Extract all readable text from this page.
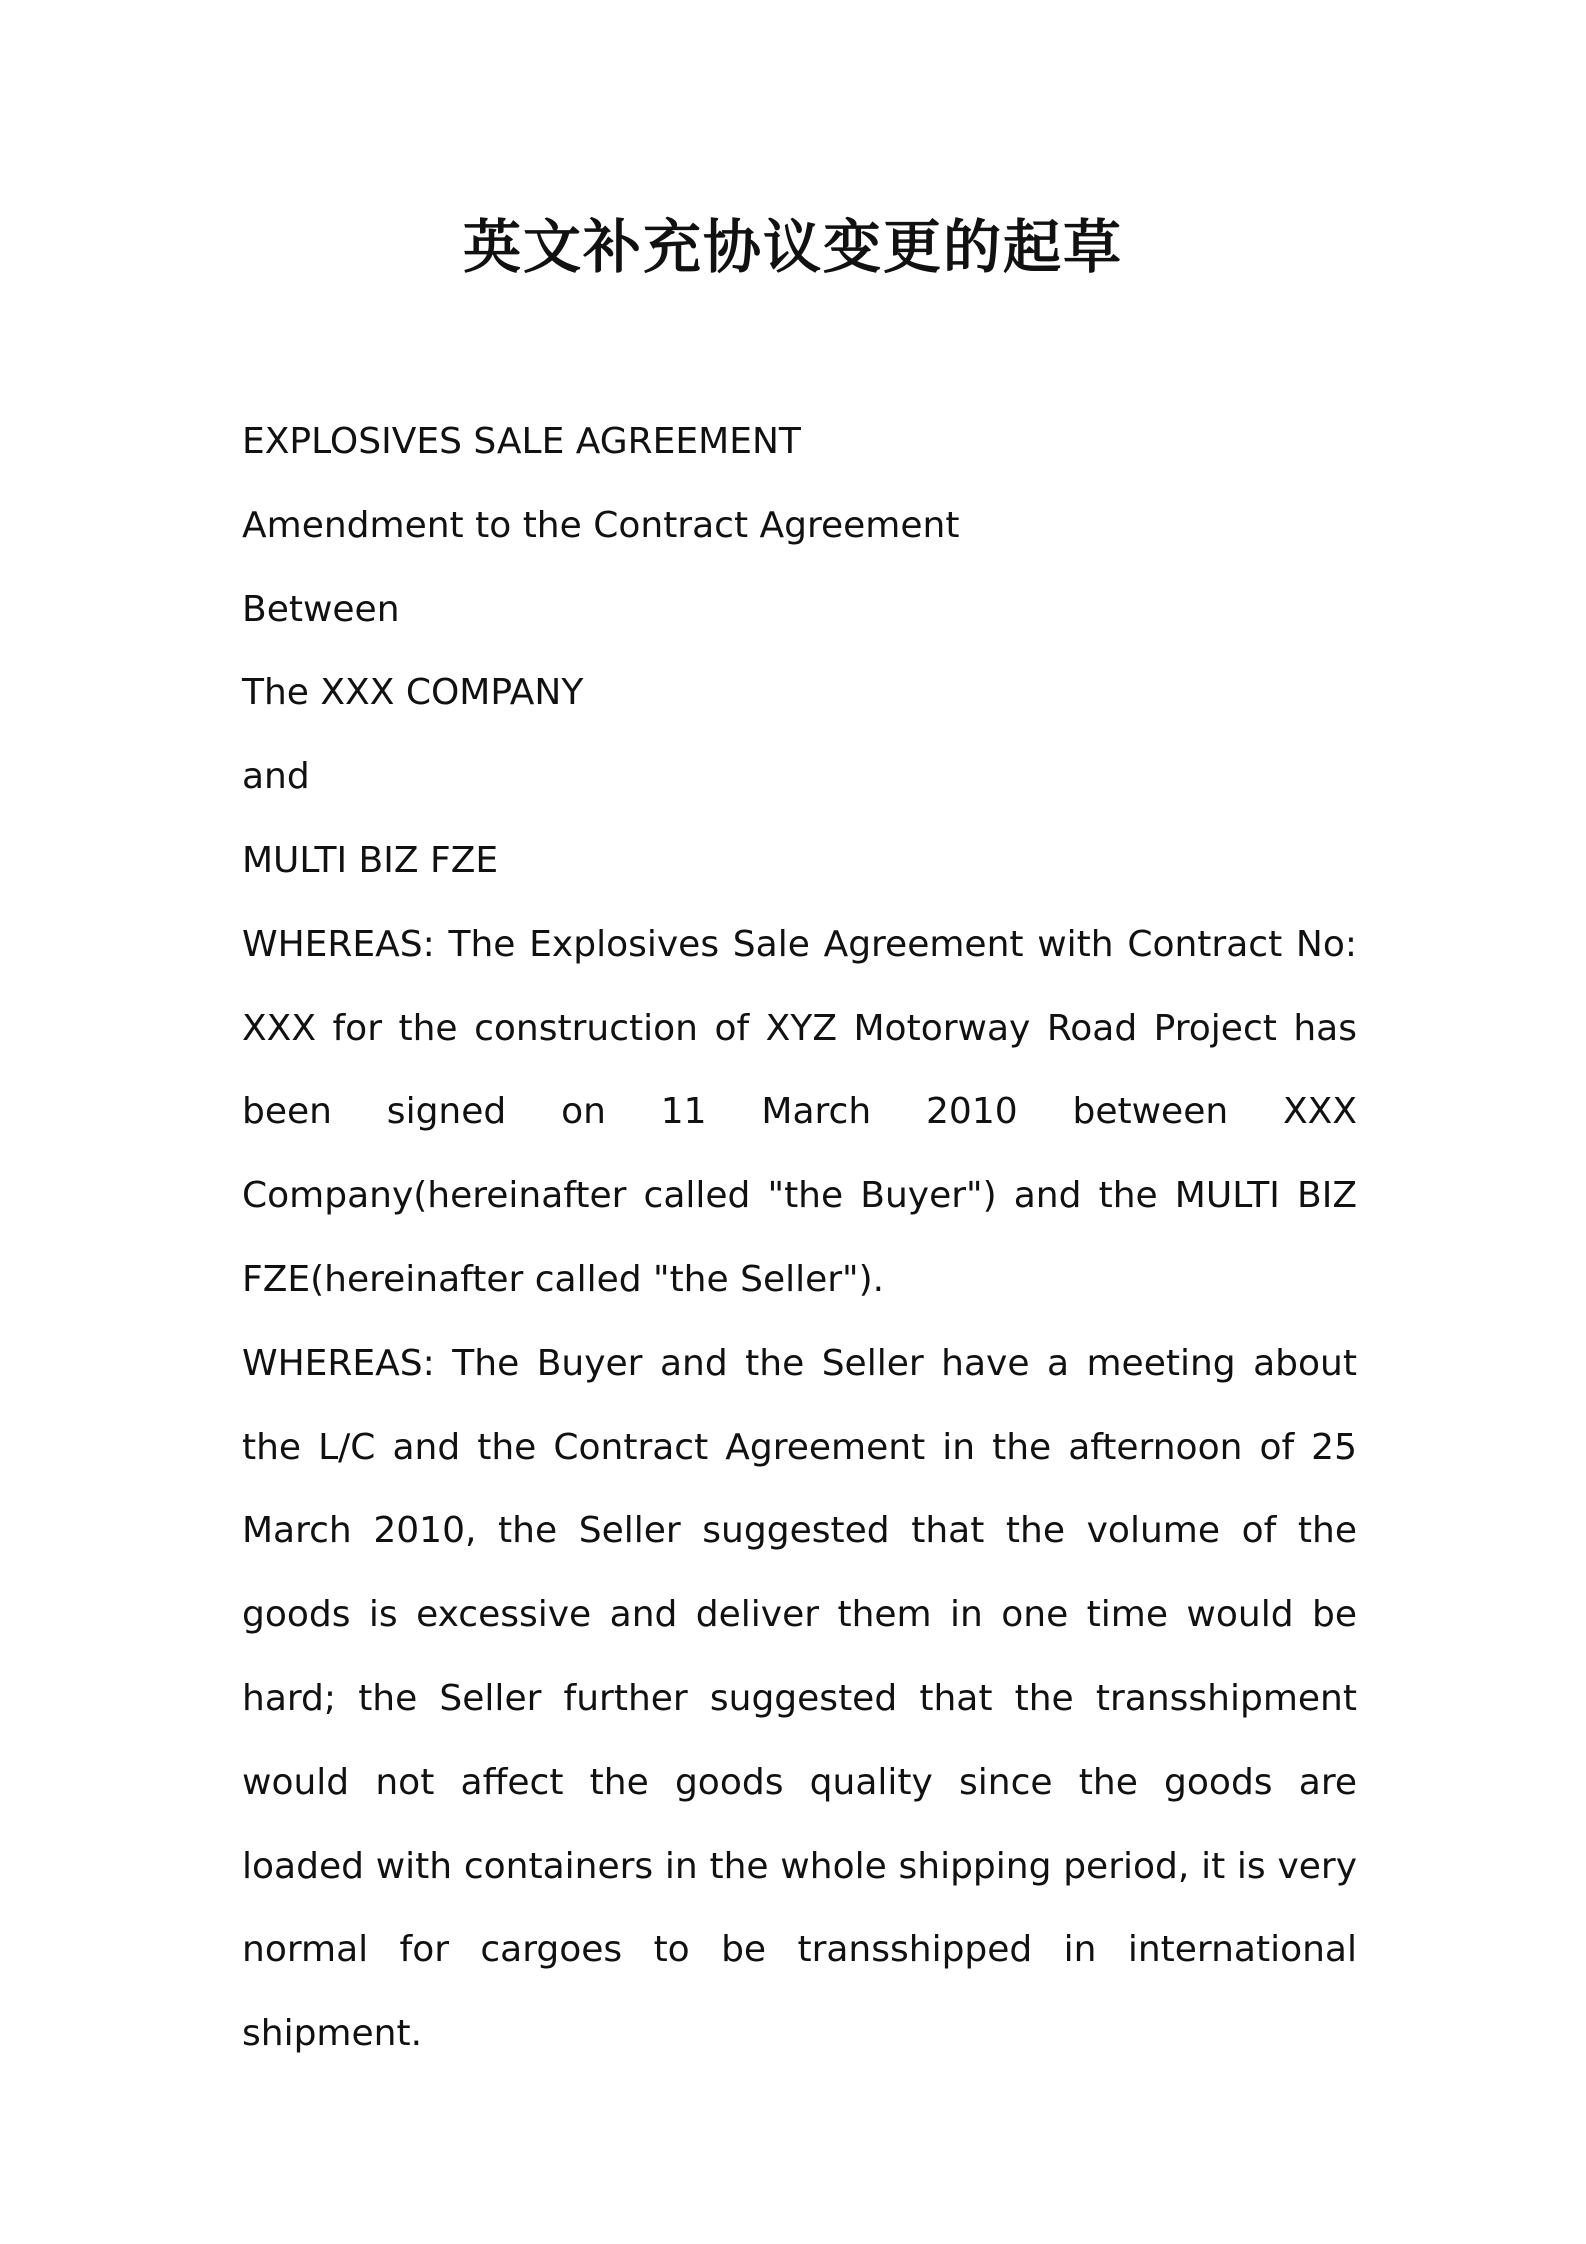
英文补充协议变更的起草

EXPLOSIVES SALE AGREEMENT

Amendment to the Contract Agreement

Between

The XXX COMPANY

and

MULTI BIZ FZE

WHEREAS: The Explosives Sale Agreement with Contract No: XXX for the construction of XYZ Motorway Road Project has been signed on 11 March 2010 between XXX Company(hereinafter called "the Buyer") and the MULTI BIZ FZE(hereinafter called "the Seller").

WHEREAS: The Buyer and the Seller have a meeting about the L/C and the Contract Agreement in the afternoon of 25 March 2010, the Seller suggested that the volume of the goods is excessive and deliver them in one time would be hard; the Seller further suggested that the transshipment would not affect the goods quality since the goods are loaded with containers in the whole shipping period, it is very normal for cargoes to be transshipped in international shipment.
